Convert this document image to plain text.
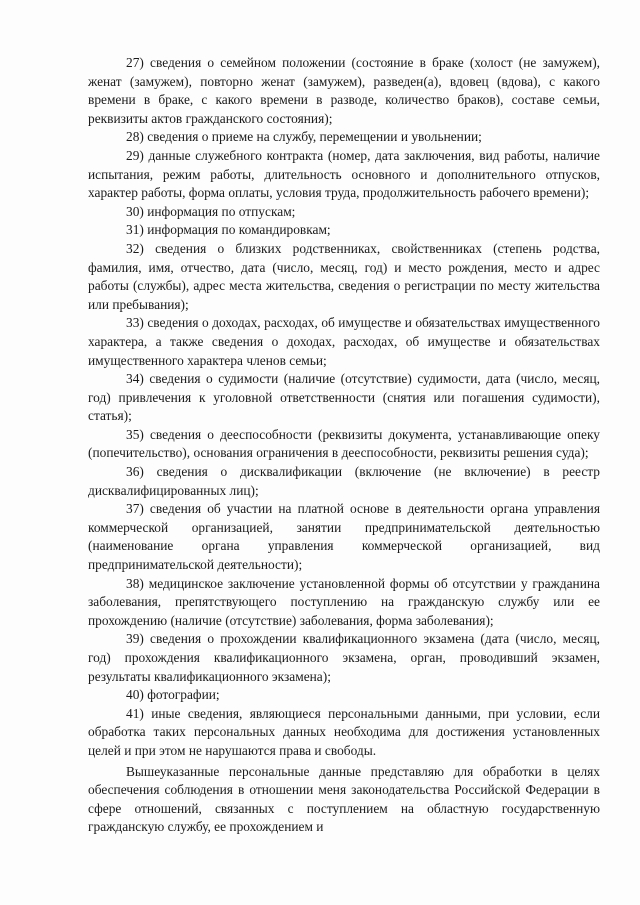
27) сведения о семейном положении (состояние в браке (холост (не замужем), женат (замужем), повторно женат (замужем), разведен(а), вдовец (вдова), с какого времени в браке, с какого времени в разводе, количество браков), составе семьи, реквизиты актов гражданского состояния);

28) сведения о приеме на службу, перемещении и увольнении;

29) данные служебного контракта (номер, дата заключения, вид работы, наличие испытания, режим работы, длительность основного и дополнительного отпусков, характер работы, форма оплаты, условия труда, продолжительность рабочего времени);

30) информация по отпускам;

31) информация по командировкам;

32) сведения о близких родственниках, свойственниках (степень родства, фамилия, имя, отчество, дата (число, месяц, год) и место рождения, место и адрес работы (службы), адрес места жительства, сведения о регистрации по месту жительства или пребывания);

33) сведения о доходах, расходах, об имуществе и обязательствах имущественного характера, а также сведения о доходах, расходах, об имуществе и обязательствах имущественного характера членов семьи;

34) сведения о судимости (наличие (отсутствие) судимости, дата (число, месяц, год) привлечения к уголовной ответственности (снятия или погашения судимости), статья);

35) сведения о дееспособности (реквизиты документа, устанавливающие опеку (попечительство), основания ограничения в дееспособности, реквизиты решения суда);

36) сведения о дисквалификации (включение (не включение) в реестр дисквалифицированных лиц);

37) сведения об участии на платной основе в деятельности органа управления коммерческой организацией, занятии предпринимательской деятельностью (наименование органа управления коммерческой организацией, вид предпринимательской деятельности);

38) медицинское заключение установленной формы об отсутствии у гражданина заболевания, препятствующего поступлению на гражданскую службу или ее прохождению (наличие (отсутствие) заболевания, форма заболевания);

39) сведения о прохождении квалификационного экзамена (дата (число, месяц, год) прохождения квалификационного экзамена, орган, проводивший экзамен, результаты квалификационного экзамена);

40) фотографии;

41) иные сведения, являющиеся персональными данными, при условии, если обработка таких персональных данных необходима для достижения установленных целей и при этом не нарушаются права и свободы.

Вышеуказанные персональные данные представляю для обработки в целях обеспечения соблюдения в отношении меня законодательства Российской Федерации в сфере отношений, связанных с поступлением на областную государственную гражданскую службу, ее прохождением и
